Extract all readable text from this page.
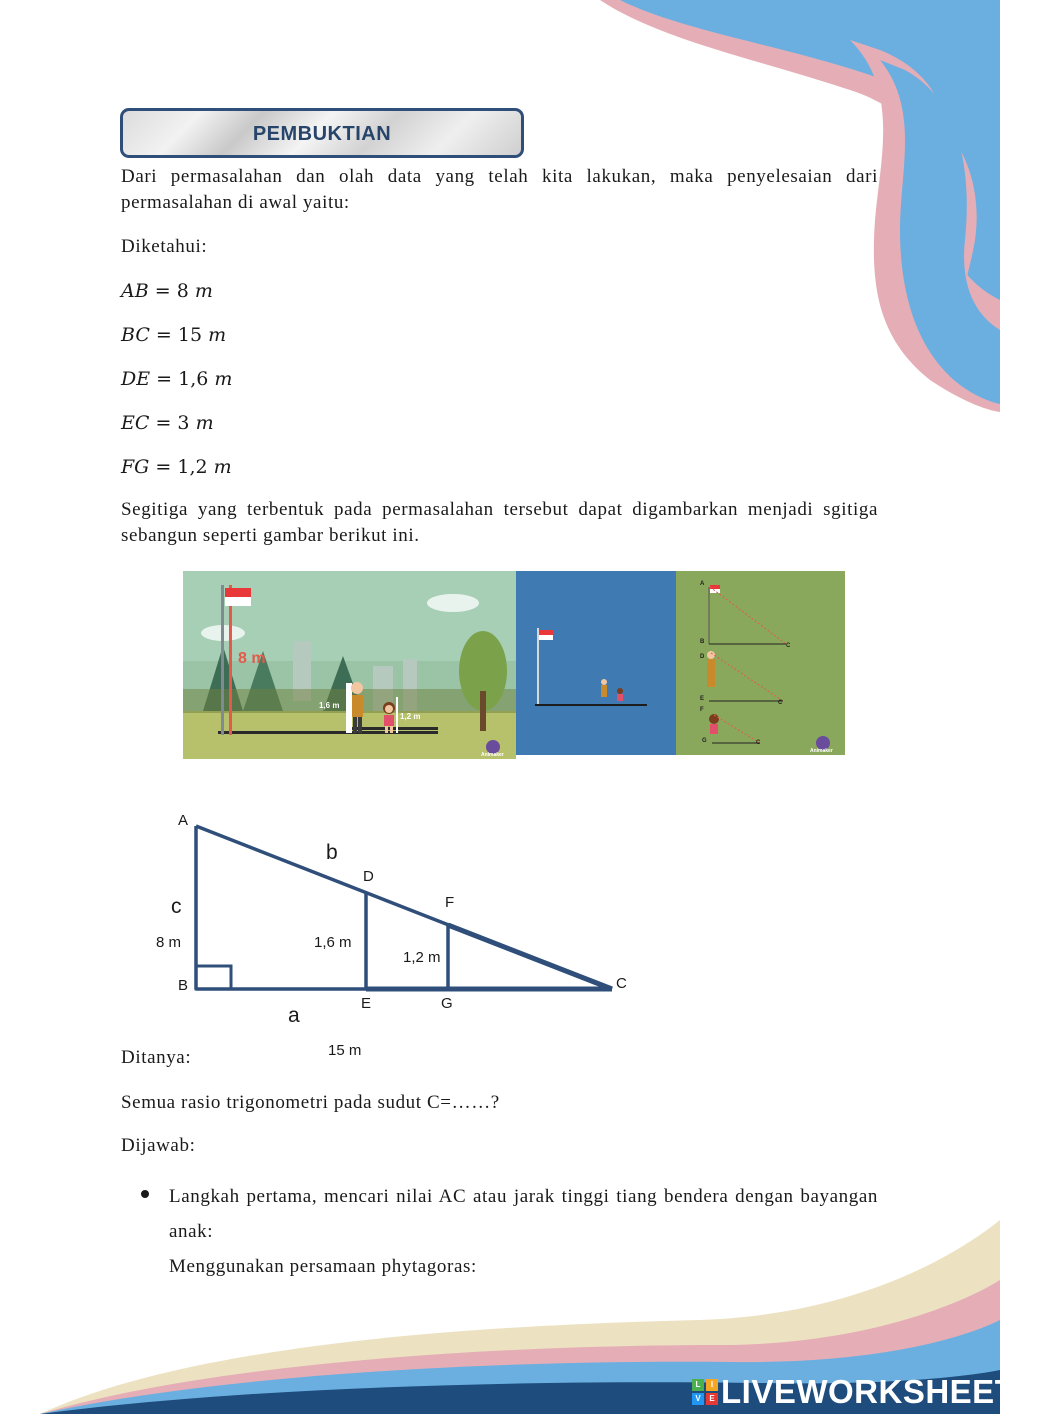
PEMBUKTIAN
Dari permasalahan dan olah data yang telah kita lakukan, maka penyelesaian dari permasalahan di awal yaitu:
Diketahui:
AB = 8 m
BC = 15 m
DE = 1,6 m
EC = 3 m
FG = 1,2 m
Segitiga yang terbentuk pada permasalahan tersebut dapat digambarkan menjadi sgitiga sebangun seperti gambar berikut ini.
8 m
1,6 m
1,2 m
Animaker
A
B
C
D
E
C
F
G	C
Animaker
A
B	C
D
E
F
G
b
c
a
8 m	1,6 m
1,2 m
15 m
Ditanya:
Semua rasio trigonometri pada sudut C=……?
Dijawab:
Langkah pertama, mencari nilai AC atau jarak tinggi tiang bendera dengan bayangan anak:
Menggunakan persamaan phytagoras:
L	I
V	E LIVEWORKSHEETS
